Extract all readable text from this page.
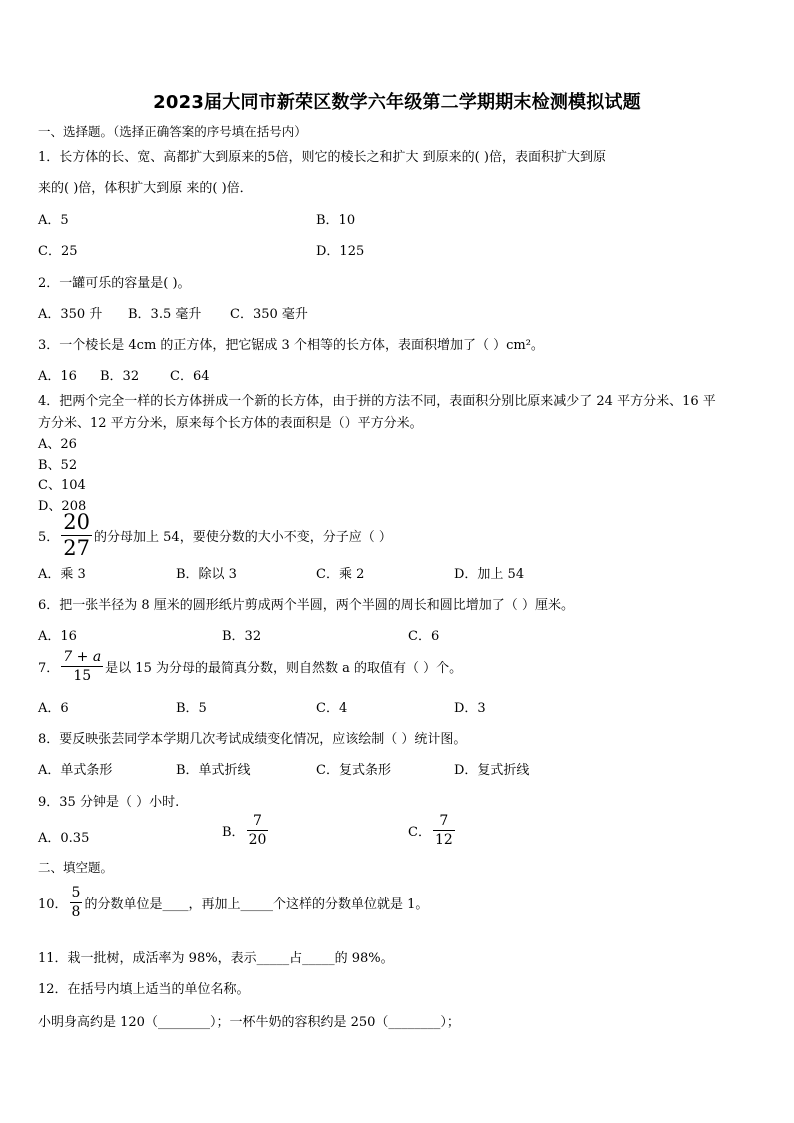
2023届大同市新荣区数学六年级第二学期期末检测模拟试题
一、选择题。（选择正确答案的序号填在括号内）
1．长方体的长、宽、高都扩大到原来的5倍，则它的棱长之和扩大 到原来的( )倍，表面积扩大到原
来的( )倍，体积扩大到原 来的( )倍．
A．5	B．10
C．25	D．125
2．一罐可乐的容量是( )。
A．350 升 B．3.5 毫升 C．350 毫升
3．一个棱长是 4cm 的正方体，把它锯成 3 个相等的长方体，表面积增加了（ ）cm²。
A．16 B．32 C．64
4．把两个完全一样的长方体拼成一个新的长方体，由于拼的方法不同，表面积分别比原来减少了 24 平方分米、16 平
方分米、12 平方分米，原来每个长方体的表面积是（）平方分米。
A、26
B、52
C、104
D、208
5． $\frac{20}{27}$ 的分母加上 54，要使分数的大小不变，分子应（ ）
A．乘 3	B．除以 3	C．乘 2	D．加上 54
6．把一张半径为 8 厘米的圆形纸片剪成两个半圆，两个半圆的周长和圆比增加了（ ）厘米。
A．16	B．32	C．6
7． $\frac{7 + a}{15}$ 是以 15 为分母的最简真分数，则自然数 a 的取值有（ ）个。
A．6	B．5	C．4	D．3
8．要反映张芸同学本学期几次考试成绩变化情况，应该绘制（ ）统计图。
A．单式条形	B．单式折线	C．复式条形	D．复式折线
9．35 分钟是（ ）小时.
A．0.35	B． $\frac{7}{20}$	C． $\frac{7}{12}$
二、填空题。
10． $\frac{5}{8}$ 的分数单位是____，再加上_____个这样的分数单位就是 1。
11．栽一批树，成活率为 98%，表示_____占_____的 98%。
12．在括号内填上适当的单位名称。
小明身高约是 120（________）；一杯牛奶的容积约是 250（________）；
